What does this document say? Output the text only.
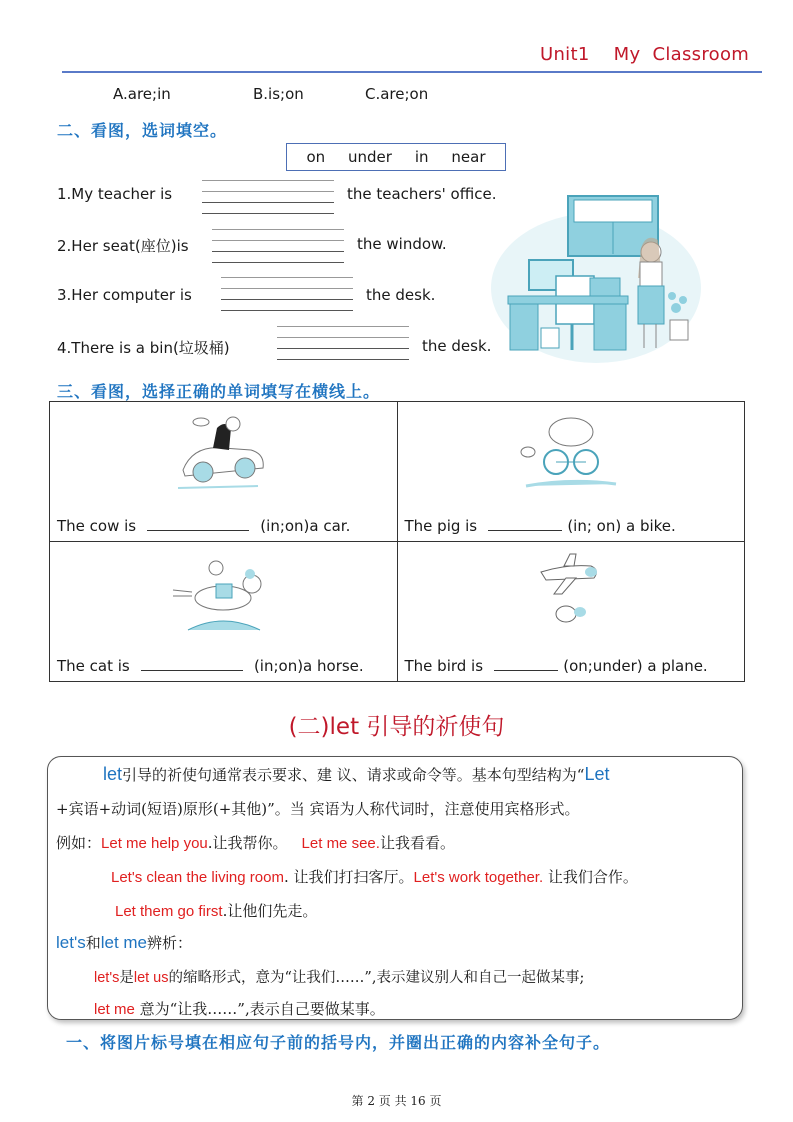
Unit1    My  Classroom
A.are;in	B.is;on	C.are;on
二、看图，选词填空。
on under in near
1.My teacher is	the teachers' office.
2.Her seat(座位)is	the window.
3.Her computer is	the desk.
4.There is a bin(垃圾桶)	the desk.
三、看图，选择正确的单词填写在横线上。
The cow is (in;on)a car.	The pig is (in; on) a bike.

The cat is (in;on)a horse.	The bird is (on;under) a plane.
(二)let 引导的祈使句
let引导的祈使句通常表示要求、建 议、请求或命令等。基本句型结构为“Let
+宾语+动词(短语)原形(+其他)”。当 宾语为人称代词时，注意使用宾格形式。
例如：Let me help you.让我帮你。 Let me see.让我看看。
Let's clean the living room. 让我们打扫客厅。Let's work together. 让我们合作。
Let them go first.让他们先走。
let's和let me辨析：
let's是let us的缩略形式，意为“让我们……”,表示建议别人和自己一起做某事;
let me 意为“让我……”,表示自己要做某事。
一、将图片标号填在相应句子前的括号内，并圈出正确的内容补全句子。
第 2 页 共 16 页
